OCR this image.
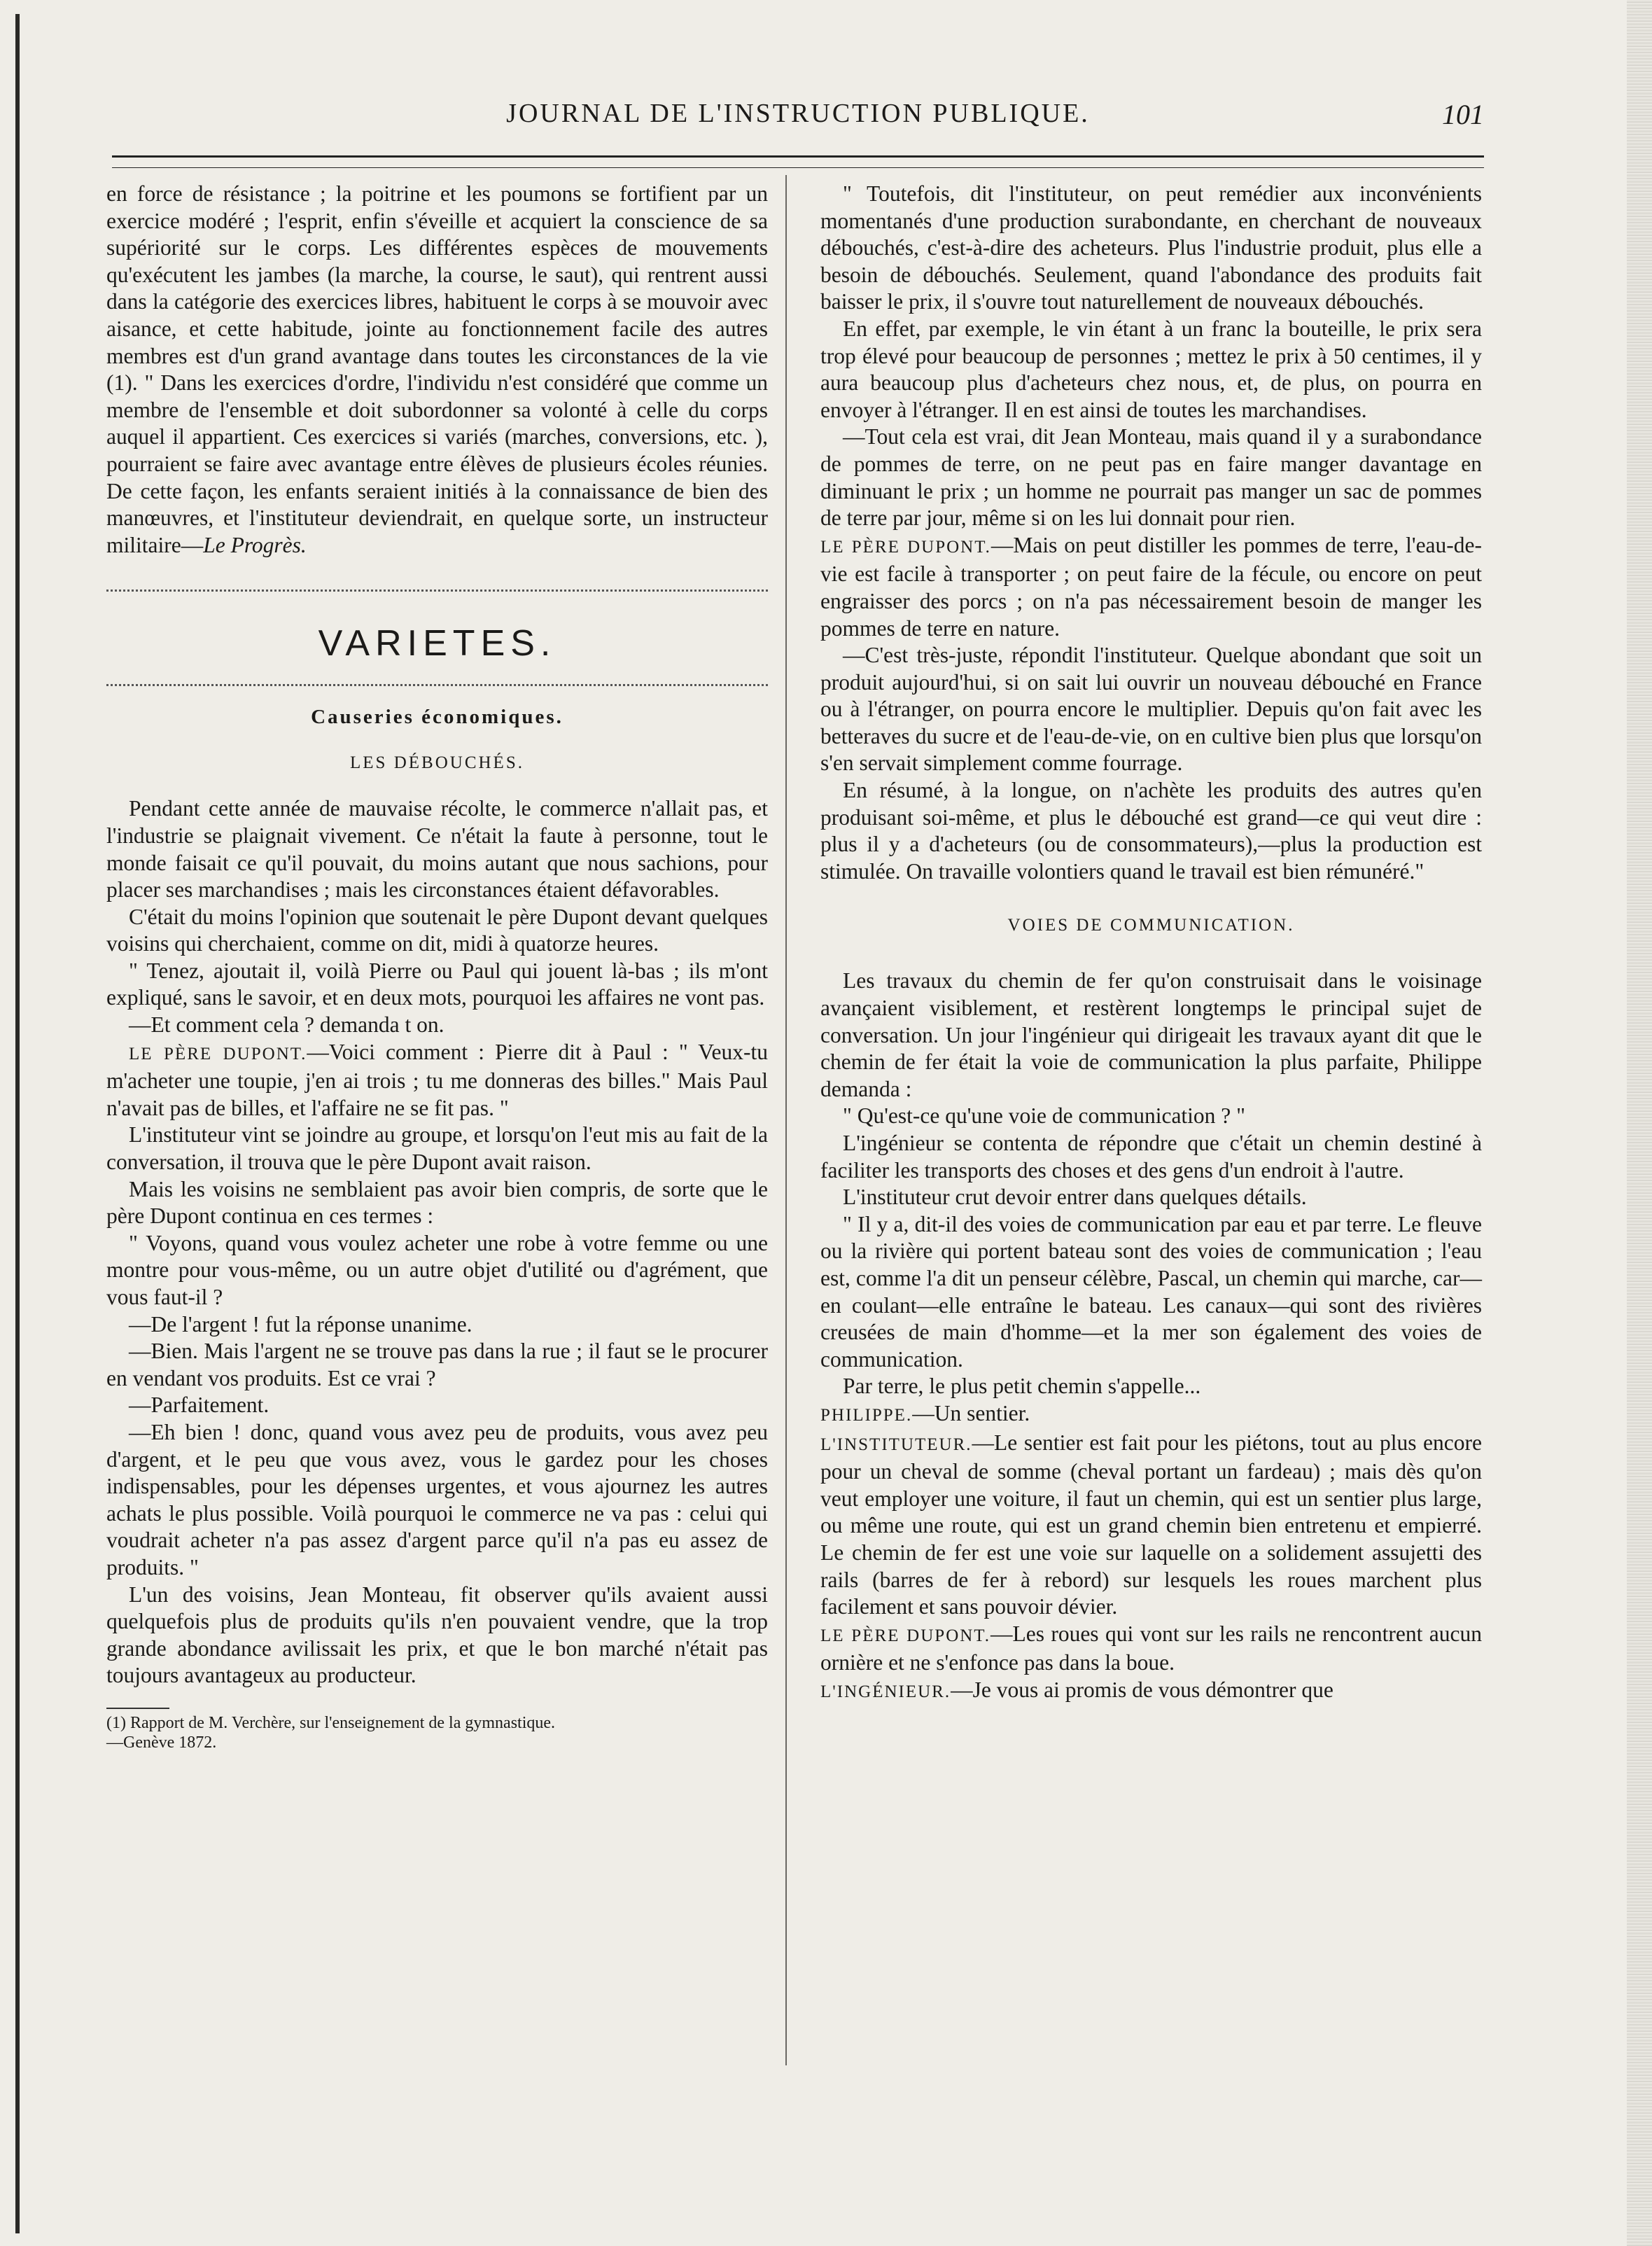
JOURNAL DE L'INSTRUCTION PUBLIQUE.	101

en force de résistance ; la poitrine et les poumons se fortifient par un exercice modéré ; l'esprit, enfin s'éveille et acquiert la conscience de sa supériorité sur le corps. Les différentes espèces de mouvements qu'exécutent les jambes (la marche, la course, le saut), qui rentrent aussi dans la catégorie des exercices libres, habituent le corps à se mouvoir avec aisance, et cette habitude, jointe au fonctionnement facile des autres membres est d'un grand avantage dans toutes les circonstances de la vie (1). " Dans les exercices d'ordre, l'individu n'est considéré que comme un membre de l'ensemble et doit subordonner sa volonté à celle du corps auquel il appartient. Ces exercices si variés (marches, conversions, etc. ), pourraient se faire avec avantage entre élèves de plusieurs écoles réunies. De cette façon, les enfants seraient initiés à la connaissance de bien des manœuvres, et l'instituteur deviendrait, en quelque sorte, un instructeur militaire—Le Progrès.

VARIETES.
Causeries économiques.
LES DÉBOUCHÉS.

Pendant cette année de mauvaise récolte, le commerce n'allait pas, et l'industrie se plaignait vivement. Ce n'était la faute à personne, tout le monde faisait ce qu'il pouvait, du moins autant que nous sachions, pour placer ses marchandises ; mais les circonstances étaient défavorables.

C'était du moins l'opinion que soutenait le père Dupont devant quelques voisins qui cherchaient, comme on dit, midi à quatorze heures.

" Tenez, ajoutait il, voilà Pierre ou Paul qui jouent là-bas ; ils m'ont expliqué, sans le savoir, et en deux mots, pourquoi les affaires ne vont pas.

—Et comment cela ? demanda t on.

LE PÈRE DUPONT.—Voici comment : Pierre dit à Paul : " Veux-tu m'acheter une toupie, j'en ai trois ; tu me donneras des billes." Mais Paul n'avait pas de billes, et l'affaire ne se fit pas. "

L'instituteur vint se joindre au groupe, et lorsqu'on l'eut mis au fait de la conversation, il trouva que le père Dupont avait raison.

Mais les voisins ne semblaient pas avoir bien compris, de sorte que le père Dupont continua en ces termes :

" Voyons, quand vous voulez acheter une robe à votre femme ou une montre pour vous-même, ou un autre objet d'utilité ou d'agrément, que vous faut-il ?

—De l'argent ! fut la réponse unanime.

—Bien. Mais l'argent ne se trouve pas dans la rue ; il faut se le procurer en vendant vos produits. Est ce vrai ?

—Parfaitement.

—Eh bien ! donc, quand vous avez peu de produits, vous avez peu d'argent, et le peu que vous avez, vous le gardez pour les choses indispensables, pour les dépenses urgentes, et vous ajournez les autres achats le plus possible. Voilà pourquoi le commerce ne va pas : celui qui voudrait acheter n'a pas assez d'argent parce qu'il n'a pas eu assez de produits. "

L'un des voisins, Jean Monteau, fit observer qu'ils avaient aussi quelquefois plus de produits qu'ils n'en pouvaient vendre, que la trop grande abondance avilissait les prix, et que le bon marché n'était pas toujours avantageux au producteur.

(1) Rapport de M. Verchère, sur l'enseignement de la gymnastique.
—Genève 1872.

" Toutefois, dit l'instituteur, on peut remédier aux inconvénients momentanés d'une production surabondante, en cherchant de nouveaux débouchés, c'est-à-dire des acheteurs. Plus l'industrie produit, plus elle a besoin de débouchés. Seulement, quand l'abondance des produits fait baisser le prix, il s'ouvre tout naturellement de nouveaux débouchés.

En effet, par exemple, le vin étant à un franc la bouteille, le prix sera trop élevé pour beaucoup de personnes ; mettez le prix à 50 centimes, il y aura beaucoup plus d'acheteurs chez nous, et, de plus, on pourra en envoyer à l'étranger. Il en est ainsi de toutes les marchandises.

—Tout cela est vrai, dit Jean Monteau, mais quand il y a surabondance de pommes de terre, on ne peut pas en faire manger davantage en diminuant le prix ; un homme ne pourrait pas manger un sac de pommes de terre par jour, même si on les lui donnait pour rien.

LE PÈRE DUPONT.—Mais on peut distiller les pommes de terre, l'eau-de-vie est facile à transporter ; on peut faire de la fécule, ou encore on peut engraisser des porcs ; on n'a pas nécessairement besoin de manger les pommes de terre en nature.

—C'est très-juste, répondit l'instituteur. Quelque abondant que soit un produit aujourd'hui, si on sait lui ouvrir un nouveau débouché en France ou à l'étranger, on pourra encore le multiplier. Depuis qu'on fait avec les betteraves du sucre et de l'eau-de-vie, on en cultive bien plus que lorsqu'on s'en servait simplement comme fourrage.

En résumé, à la longue, on n'achète les produits des autres qu'en produisant soi-même, et plus le débouché est grand—ce qui veut dire : plus il y a d'acheteurs (ou de consommateurs),—plus la production est stimulée. On travaille volontiers quand le travail est bien rémunéré."

VOIES DE COMMUNICATION.

Les travaux du chemin de fer qu'on construisait dans le voisinage avançaient visiblement, et restèrent longtemps le principal sujet de conversation. Un jour l'ingénieur qui dirigeait les travaux ayant dit que le chemin de fer était la voie de communication la plus parfaite, Philippe demanda :

" Qu'est-ce qu'une voie de communication ? "

L'ingénieur se contenta de répondre que c'était un chemin destiné à faciliter les transports des choses et des gens d'un endroit à l'autre.

L'instituteur crut devoir entrer dans quelques détails.

" Il y a, dit-il des voies de communication par eau et par terre. Le fleuve ou la rivière qui portent bateau sont des voies de communication ; l'eau est, comme l'a dit un penseur célèbre, Pascal, un chemin qui marche, car—en coulant—elle entraîne le bateau. Les canaux—qui sont des rivières creusées de main d'homme—et la mer son également des voies de communication.

Par terre, le plus petit chemin s'appelle...

PHILIPPE.—Un sentier.

L'INSTITUTEUR.—Le sentier est fait pour les piétons, tout au plus encore pour un cheval de somme (cheval portant un fardeau) ; mais dès qu'on veut employer une voiture, il faut un chemin, qui est un sentier plus large, ou même une route, qui est un grand chemin bien entretenu et empierré. Le chemin de fer est une voie sur laquelle on a solidement assujetti des rails (barres de fer à rebord) sur lesquels les roues marchent plus facilement et sans pouvoir dévier.

LE PÈRE DUPONT.—Les roues qui vont sur les rails ne rencontrent aucun ornière et ne s'enfonce pas dans la boue.

L'INGÉNIEUR.—Je vous ai promis de vous démontrer que
